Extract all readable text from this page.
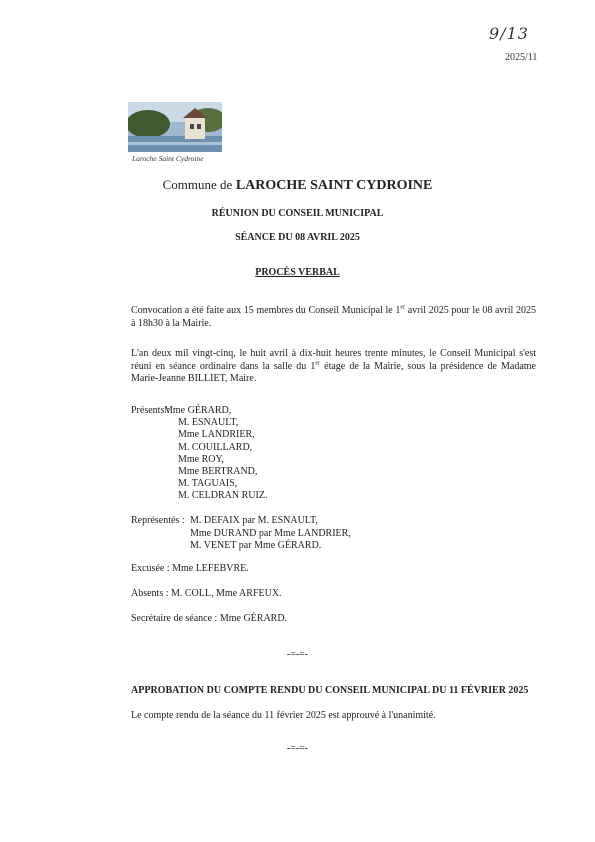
9/13
2025/11
Laroche Saint Cydroine
Commune de LAROCHE SAINT CYDROINE
RÉUNION DU CONSEIL MUNICIPAL
SÉANCE DU 08 AVRIL 2025
PROCÈS VERBAL
Convocation a été faite aux 15 membres du Conseil Municipal le 1er avril 2025 pour le 08 avril 2025 à 18h30 à la Mairie.
L'an deux mil vingt-cinq, le huit avril à dix-huit heures trente minutes, le Conseil Municipal s'est réuni en séance ordinaire dans la salle du 1er étage de la Mairie, sous la présidence de Madame Marie-Jeanne BILLIET, Maire.
Présents :
Mme GÉRARD,
M. ESNAULT,
Mme LANDRIER,
M. COUILLARD,
Mme ROY,
Mme BERTRAND,
M. TAGUAIS,
M. CELDRAN RUIZ.
Représentés : M. DEFAIX par M. ESNAULT,
Mme DURAND par Mme LANDRIER,
M. VENET par Mme GÉRARD.
Excusée : Mme LEFEBVRE.
Absents : M. COLL, Mme ARFEUX.
Secrétaire de séance : Mme GÉRARD.
-=-=-
APPROBATION DU COMPTE RENDU DU CONSEIL MUNICIPAL DU 11 FÉVRIER 2025
Le compte rendu de la séance du 11 février 2025 est approuvé à l'unanimité.
-=-=-
